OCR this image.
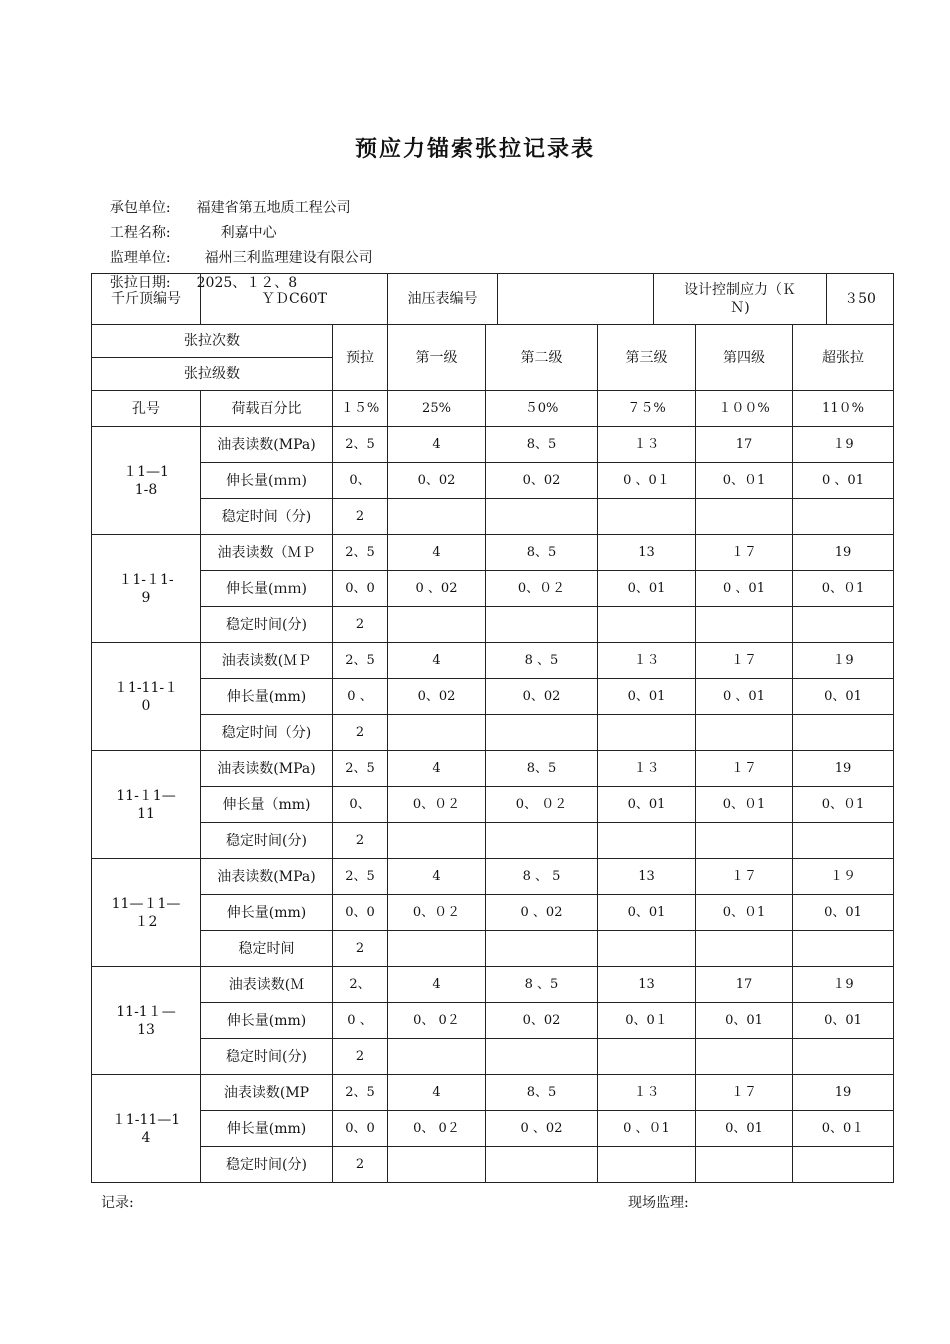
预应力锚索张拉记录表

承包单位: 福建省第五地质工程公司

工程名称:	利嘉中心

监理单位: 福州三利监理建设有限公司

张拉日期: 2025、１２、8

千斤顶编号	ＹＤC60T	油压表编号		设计控制应力（Ｋ
Ｎ)	３50
张拉次数		预拉	第一级	第二级	第三级	第四级	超张拉
张拉级数							
孔号	荷载百分比	１５%	25%	５0%	７５%	１００%	11０%
１1—1
1-8	油表读数(MPa)	2、5	4	8、5	１３	17	１9
	伸长量(ｍｍ)	0、	0、02	0、02	0 、0１	0、０1	0 、01
	稳定时间（分)	2					
１1-１1-
9	油表读数（ＭＰ	2、5	4	8、5	13	１７	19
	伸长量(ｍｍ)	0、0	0 、02	0、０２	0、01	0 、01	0、０1
	稳定时间(分)	2					
１1-11-１
0	油表读数(ＭＰ	2、5	4	8 、5	１３	１７	１9
	伸长量(mm)	0 、	0、02	0、02	0、01	0 、01	0、01
	稳定时间（分)	2					
11-１1—
11	油表读数(MPa)	2、5	4	8、5	１３	１７	19
	伸长量（mm)	0、	0、０２	0、 ０２	0、01	0、０1	0、０1
	稳定时间(分)	2					
11—１1—
１2	油表读数(MPa)	2、5	4	8 、 5	13	１７	１９
	伸长量(mm)	0、0	0、０２	0 、02	0、01	0、０1	0、01
	稳定时间	2					
11-1１—
13	油表读数(Ｍ	2、	4	8 、5	13	17	１9
	伸长量(mm)	0 、	0、 0２	0、02	0、0１	0、01	0、01
	稳定时间(分)	2					
１1-11—1
4	油表读数(MP	2、5	4	8、5	１３	１７	19
	伸长量(mm)	0、0	0、 0２	0 、02	0 、０1	0、01	0、0１
	稳定时间(分)	2					
记录:	现场监理:
